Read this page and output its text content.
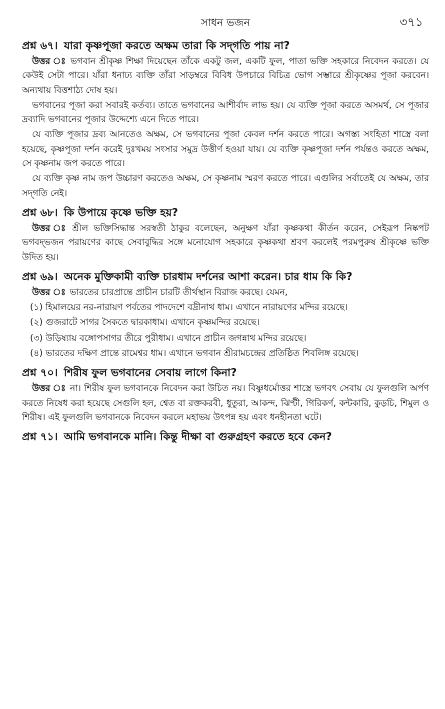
সাধন ভজন	৩৭১
প্রশ্ন ৬৭। যারা কৃষ্ণপূজা করতে অক্ষম তারা কি সদ্‌গতি পায় না?
উত্তর ঃ ভগবান শ্রীকৃষ্ণ শিক্ষা দিয়েছেন তাঁকে একটু জল, একটি ফুল, পাতা ভক্তি সহকারে নিবেদন করতে। যে কেউই সেটা পারে। যাঁরা ধনাঢ্য ব্যক্তি তাঁরা সাড়ম্বরে বিবিধ উপচারে বিচিত্র ভোগ সম্ভারে শ্রীকৃষ্ণের পূজা করবেন। অন্যথায় বিত্তশাঠ্য দোষ হয়।
ভগবানের পূজা করা সবারই কর্তব্য। তাতে ভগবানের আশীর্বাদ লাভ হয়। যে ব্যক্তি পূজা করতে অসমর্থ, সে পূজার দ্রব্যাদি ভগবানের পূজার উদ্দেশ্যে এনে দিতে পারে।
যে ব্যক্তি পূজার দ্রব্য আনতেও অক্ষম, সে ভগবানের পূজা কেবল দর্শন করতে পারে। অগস্ত্য সংহিতা শাস্ত্রে বলা হয়েছে, কৃষ্ণপূজা দর্শন করেই দুঃখময় সংসার সমুদ্র উত্তীর্ণ হওয়া যায়। যে ব্যক্তি কৃষ্ণপূজা দর্শন পর্যন্তও করতে অক্ষম, সে কৃষ্ণনাম জপ করতে পারে।
যে ব্যক্তি কৃষ্ণ নাম জপ উচ্চারণ করতেও অক্ষম, সে কৃষ্ণনাম স্মরণ করতে পারে। এগুলির সর্বাতেই যে অক্ষম, তার সদ্‌গতি নেই।
প্রশ্ন ৬৮। কি উপায়ে কৃষ্ণে ভক্তি হয়?
উত্তর ঃ শ্রীল ভক্তিসিদ্ধান্ত সরস্বতী ঠাকুর বলেছেন, অনুক্ষণ যাঁরা কৃষ্ণকথা কীর্তন করেন, সেইরূপ নিষ্কপট ভগবদ্‌ভজন পরায়ণের কাছে সেবাবুদ্ধির সঙ্গে মনোযোগ সহকারে কৃষ্ণকথা শ্রবণ করলেই পরমপুরুষ শ্রীকৃষ্ণে ভক্তি উদিত হয়।
প্রশ্ন ৬৯। অনেক মুক্তিকামী ব্যক্তি চারধাম দর্শনের আশা করেন। চার ধাম কি কি?
উত্তর ঃ ভারতের চারপ্রান্তে প্রাচীন চারটি তীর্থস্থান বিরাজ করছে। যেমন,
(১) হিমালয়ের নর-নারায়ণ পর্বতের পাদদেশে বদ্রীনাথ ধাম। এখানে নারায়ণের মন্দির রয়েছে।
(২) গুজরাটে সাগর সৈকতে দ্বারকাধাম। এখানে কৃষ্ণমন্দির রয়েছে।
(৩) উড়িষ্যায় বঙ্গোপসাগর তীরে পুরীধাম। এখানে প্রাচীন জগন্নাথ মন্দির রয়েছে।
(৪) ভারতের দক্ষিণ প্রান্তে রামেশ্বর ধাম। এখানে ভগবান শ্রীরামচন্দ্রের প্রতিষ্ঠিত শিবলিঙ্গ রয়েছে।
প্রশ্ন ৭০। শিরীষ ফুল ভগবানের সেবায় লাগে কিনা?
উত্তর ঃ না। শিরীষ ফুল ভগবানকে নিবেদন করা উচিত নয়। বিষ্ণুধর্মোত্তর শাস্ত্রে ভগবৎ সেবায় যে ফুলগুলি অর্পণ করতে নিষেধ করা হয়েছে সেগুলি হল, শ্বেত বা রক্তকরবী, ধুতুরা, আকন্দ, ঝিণ্টী, গিরিকর্ণ, কন্টকারি, কুড়চি, শিমুল ও শিরীষ। এই ফুলগুলি ভগবানকে নিবেদন করলে মহাভয় উৎপন্ন হয় এবং ধনহীনতা ঘটে।
প্রশ্ন ৭১। আমি ভগবানকে মানি। কিন্তু দীক্ষা বা গুরুগ্রহণ করতে হবে কেন?
